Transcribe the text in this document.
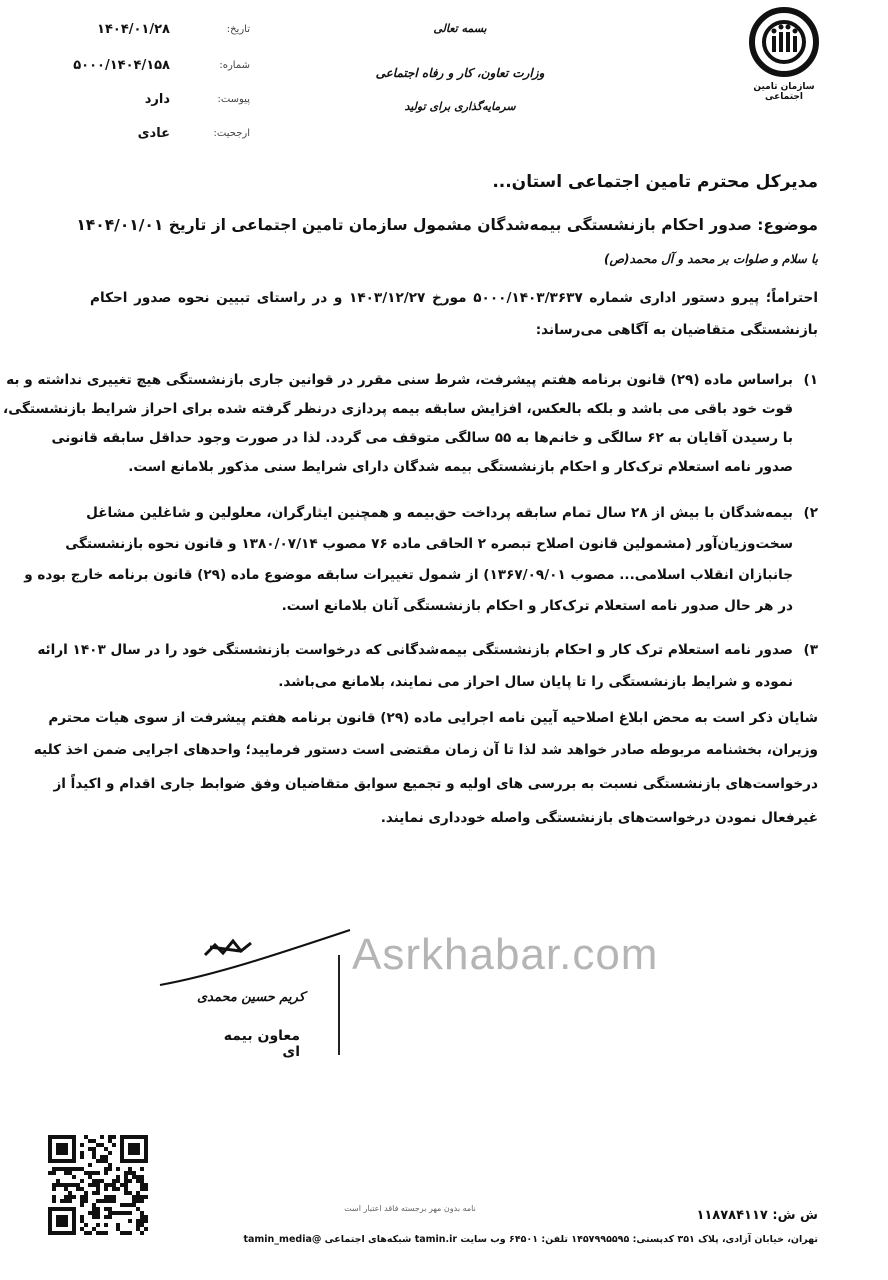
سازمان تامین اجتماعی
بسمه تعالی
وزارت تعاون، کار و رفاه اجتماعی
سرمایه‌گذاری برای تولید
تاریخ:
۱۴۰۴/۰۱/۲۸
شماره:
۵۰۰۰/۱۴۰۴/۱۵۸
پیوست:
دارد
ارجحیت:
عادی
مدیرکل محترم تامین اجتماعی استان...
موضوع: صدور احکام بازنشستگی بیمه‌شدگان مشمول سازمان تامین اجتماعی از تاریخ ۱۴۰۴/۰۱/۰۱
با سلام و صلوات بر محمد و آل محمد(ص)
احتراماً؛ پیرو دستور اداری شماره ۵۰۰۰/۱۴۰۳/۳۶۳۷ مورخ ۱۴۰۳/۱۲/۲۷ و در راستای تبیین نحوه صدور احکام
بازنشستگی متقاضیان به آگاهی می‌رساند:
۱)
براساس ماده (۲۹) قانون برنامه هفتم پیشرفت، شرط سنی مقرر در قوانین جاری بازنشستگی هیچ تغییری نداشته و به
قوت خود باقی می باشد و بلکه بالعکس، افزایش سابقه بیمه پردازی درنظر گرفته شده برای احراز شرایط بازنشستگی،
با رسیدن آقایان به ۶۲ سالگی و خانم‌ها به ۵۵ سالگی متوقف می گردد. لذا در صورت وجود حداقل سابقه قانونی
صدور نامه استعلام ترک‌کار و احکام بازنشستگی بیمه شدگان دارای شرایط سنی مذکور بلامانع است.
۲)
بیمه‌شدگان با بیش از ۲۸ سال تمام سابقه پرداخت حق‌بیمه و همچنین ایثارگران، معلولین و شاغلین مشاغل
سخت‌وزیان‌آور (مشمولین قانون اصلاح تبصره ۲ الحاقی ماده ۷۶ مصوب ۱۳۸۰/۰۷/۱۴ و قانون نحوه بازنشستگی
جانبازان انقلاب اسلامی... مصوب ۱۳۶۷/۰۹/۰۱) از شمول تغییرات سابقه موضوع ماده (۲۹) قانون برنامه خارج بوده و
در هر حال صدور نامه استعلام ترک‌کار و احکام بازنشستگی آنان بلامانع است.
۳)
صدور نامه استعلام ترک کار و احکام بازنشستگی بیمه‌شدگانی که درخواست بازنشستگی خود را در سال ۱۴۰۳ ارائه
نموده و شرایط بازنشستگی را تا پایان سال احراز می نمایند، بلامانع می‌باشد.
شایان ذکر است به محض ابلاغ اصلاحیه آیین نامه اجرایی ماده (۲۹) قانون برنامه هفتم پیشرفت از سوی هیات محترم
وزیران، بخشنامه مربوطه صادر خواهد شد لذا تا آن زمان مقتضی است دستور فرمایید؛ واحدهای اجرایی ضمن اخذ کلیه
درخواست‌های بازنشستگی نسبت به بررسی های اولیه و تجمیع سوابق متقاضیان وفق ضوابط جاری اقدام و اکیداً از
غیرفعال نمودن درخواست‌های بازنشستگی واصله خودداری نمایند.
کریم حسین محمدی
معاون بیمه ای
Asrkhabar.com
ش ش: ۱۱۸۷۸۴۱۱۷
نامه بدون مهر برجسته فاقد اعتبار است
تهران، خیابان آزادی، پلاک ۳۵۱ کدپستی: ۱۴۵۷۹۹۵۵۹۵ تلفن: ۶۴۵۰۱ وب سایت tamin.ir شبکه‌های اجتماعی @tamin_media
